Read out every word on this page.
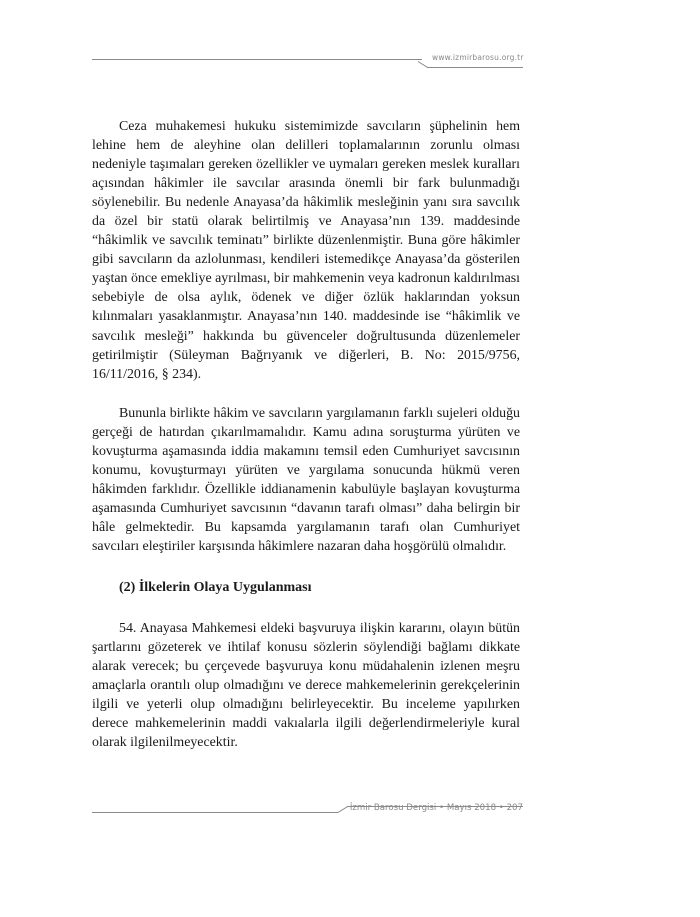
www.izmirbarosu.org.tr

Ceza muhakemesi hukuku sistemimizde savcıların şüphelinin hem lehine hem de aleyhine olan delilleri toplamalarının zorunlu olması nedeniyle taşımaları gereken özellikler ve uymaları gereken meslek kuralları açısından hâkimler ile savcılar arasında önemli bir fark bulunmadığı söylenebilir. Bu nedenle Anayasa’da hâkimlik mesleğinin yanı sıra savcılık da özel bir statü olarak belirtilmiş ve Anayasa’nın 139. maddesinde “hâkimlik ve savcılık teminatı” birlikte düzenlenmiştir. Buna göre hâkimler gibi savcıların da azlolunması, kendileri istemedikçe Anayasa’da gösterilen yaştan önce emekliye ayrılması, bir mahkemenin veya kadronun kaldırılması sebebiyle de olsa aylık, ödenek ve diğer özlük haklarından yoksun kılınmaları yasaklanmıştır. Anayasa’nın 140. maddesinde ise “hâkimlik ve savcılık mesleği” hakkında bu güvenceler doğrultusunda düzenlemeler getirilmiştir (Süleyman Bağrıyanık ve diğerleri, B. No: 2015/9756, 16/11/2016, § 234).

Bununla birlikte hâkim ve savcıların yargılamanın farklı sujeleri olduğu gerçeği de hatırdan çıkarılmamalıdır. Kamu adına soruşturma yürüten ve kovuşturma aşamasında iddia makamını temsil eden Cumhuriyet savcısının konumu, kovuşturmayı yürüten ve yargılama sonucunda hükmü veren hâkimden farklıdır. Özellikle iddianamenin kabulüyle başlayan kovuşturma aşamasında Cumhuriyet savcısının “davanın tarafı olması” daha belirgin bir hâle gelmektedir. Bu kapsamda yargılamanın tarafı olan Cumhuriyet savcıları eleştiriler karşısında hâkimlere nazaran daha hoşgörülü olmalıdır.

(2) İlkelerin Olaya Uygulanması

54. Anayasa Mahkemesi eldeki başvuruya ilişkin kararını, olayın bütün şartlarını gözeterek ve ihtilaf konusu sözlerin söylendiği bağlamı dikkate alarak verecek; bu çerçevede başvuruya konu müdahalenin izlenen meşru amaçlarla orantılı olup olmadığını ve derece mahkemelerinin gerekçelerinin ilgili ve yeterli olup olmadığını belirleyecektir. Bu inceleme yapılırken derece mahkemelerinin maddi vakıalarla ilgili değerlendirmeleriyle kural olarak ilgilenilmeyecektir.

İzmir Barosu Dergisi • Mayıs 2018 • 207
